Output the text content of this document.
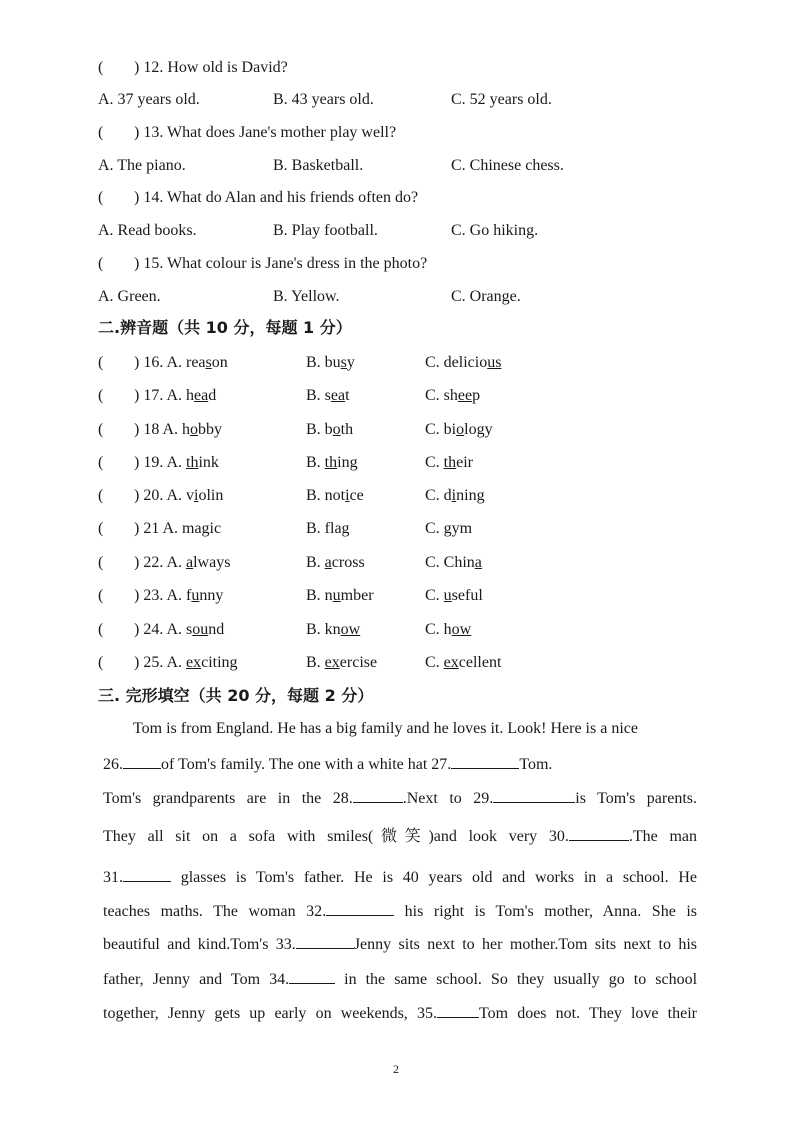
( ) 12. How old is David?
A. 37 years old.	B. 43 years old.	C. 52 years old.
( ) 13. What does Jane's mother play well?
A. The piano.	B. Basketball.	C. Chinese chess.
( ) 14. What do Alan and his friends often do?
A. Read books.	B. Play football.	C. Go hiking.
( ) 15. What colour is Jane's dress in the photo?
A. Green.	B. Yellow.	C. Orange.
二.辨音题（共 10 分，每题 1 分）
( ) 16. A. reason	B. busy	C. delicious
( ) 17. A. head	B. seat	C. sheep
( ) 18 A. hobby	B. both	C. biology
( ) 19. A. think	B. thing	C. their
( ) 20. A. violin	B. notice	C. dining
( ) 21 A. magic	B. flag	C. gym
( ) 22. A. always	B. across	C. China
( ) 23. A. funny	B. number	C. useful
( ) 24. A. sound	B. know	C. how
( ) 25. A. exciting	B. exercise	C. excellent
三. 完形填空（共 20 分，每题 2 分）
Tom is from England. He has a big family and he loves it. Look! Here is a nice
26. of Tom's family. The one with a white hat 27.	Tom.
Tom's grandparents are in the 28.	.Next to 29.	is Tom's parents.
They all sit on a sofa with smiles(微笑)and look very 30.	.The man
31.	glasses is Tom's father. He is 40 years old and works in a school. He
teaches maths. The woman 32.	his right is Tom's mother, Anna. She is
beautiful and kind.Tom's 33.	Jenny sits next to her mother.Tom sits next to his
father, Jenny and Tom 34.	in the same school. So they usually go to school
together, Jenny gets up early on weekends, 35.	Tom does not. They love their
2
